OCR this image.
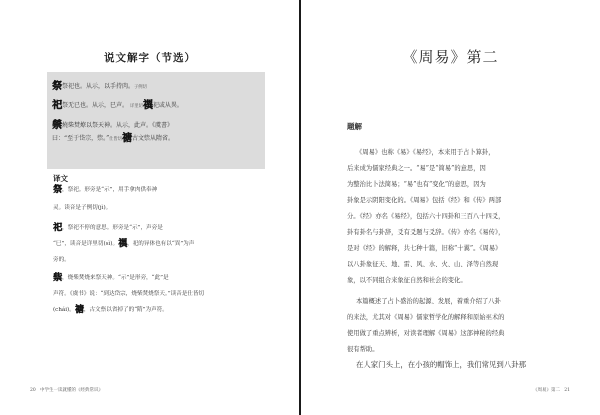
说文解字（节选）
祭祭祀也。从示，以手持肉。子例切
祀祭无已也。从示，巳声。 详里切禩祀或从異。
禜燒柴焚燎以祭天神。从示，此声。《虞書》
曰：“至于岱宗，祡。”仕皆切禟古文祡从隋省。
译文
祭，祭祀。形旁是“示”，用手拿肉供奉神
灵。读音是子例切(jì)。
祀，祭祀不停的意思。形旁是“示”，声旁是
“巳”，读音是详里切(sì)。禩，祀的异体也有以“異”为声
旁的。
祡，烧柴焚烧来祭天神。“示”是形旁，“此”是
声符。《虞书》说：“到达岱宗，烧柴焚烧祭天。”读音是仕皆切
(chái)。禟，古文祡以省掉了的“隋”为声符。
20 中学生一读就懂的《经典常识》
《周易》第二
题解
《周易》也称《易》《易经》，本来用于占卜算卦，
后来成为儒家经典之一。“易”是“简易”的意思，因
为整治比卜法简易；“易”也有“变化”的意思，因为
卦象是示阴阳变化的。《周易》包括《经》和《传》两部
分。《经》亦名《易经》，包括六十四卦和三百八十四爻，
卦有卦名与卦辞，爻有爻题与爻辞。《传》亦名《易传》，
是对《经》的解释，共七种十篇，旧称“十翼”。《周易》
以八卦象征天、地、雷、风、水、火、山、泽等自然现
象，以不同组合来象征自然和社会的变化。
本篇概述了占卜盛治的起源、发展，着重介绍了八卦
的来法，尤其对《周易》儒家哲学化的解释和原始巫术的
使用做了重点辨析，对读者理解《周易》这部神秘的经典
很有帮助。
在人家门头上，在小孩的帽饰上，我们常见到八卦那
《周易》第二 21
